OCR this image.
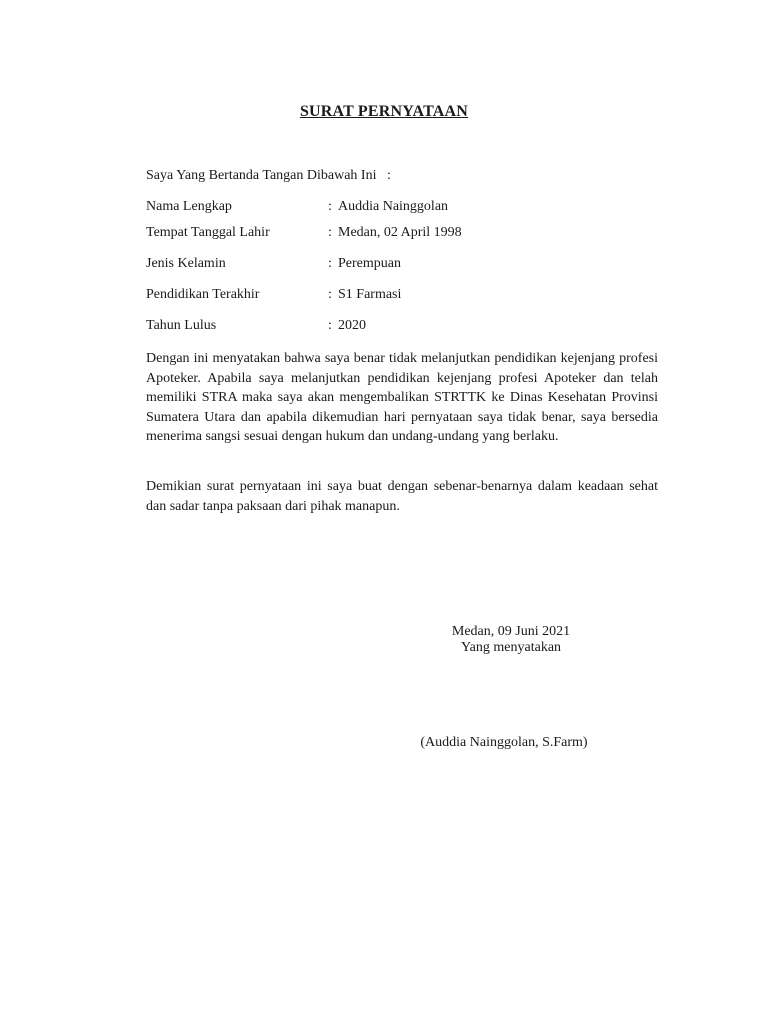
SURAT PERNYATAAN
Saya Yang Bertanda Tangan Dibawah Ini   :
Nama Lengkap	: Auddia Nainggolan
Tempat Tanggal Lahir	: Medan, 02 April 1998
Jenis Kelamin	: Perempuan
Pendidikan Terakhir	: S1 Farmasi
Tahun Lulus	: 2020
Dengan ini menyatakan bahwa saya benar tidak melanjutkan pendidikan kejenjang profesi Apoteker. Apabila saya melanjutkan pendidikan kejenjang profesi Apoteker dan telah memiliki STRA maka saya akan mengembalikan STRTTK ke Dinas Kesehatan Provinsi Sumatera Utara dan apabila dikemudian hari pernyataan saya tidak benar, saya bersedia menerima sangsi sesuai dengan hukum dan undang-undang yang berlaku.
Demikian surat pernyataan ini saya buat dengan sebenar-benarnya dalam keadaan sehat dan sadar tanpa paksaan dari pihak manapun.
Medan, 09 Juni 2021
Yang menyatakan
(Auddia Nainggolan, S.Farm)
